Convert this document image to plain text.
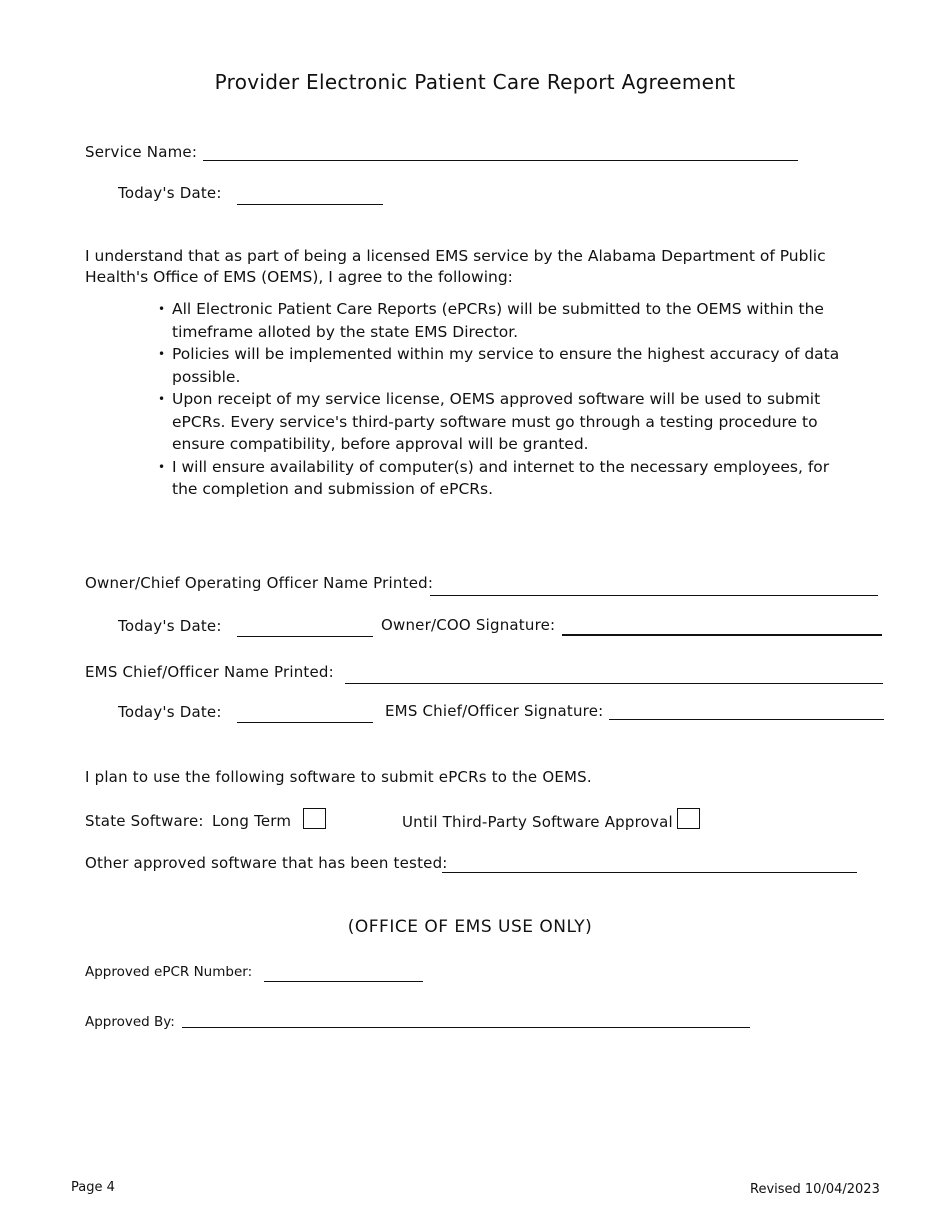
Provider Electronic Patient Care Report Agreement
Service Name:
Today's Date:
I understand that as part of being a licensed EMS service by the Alabama Department of Public Health's Office of EMS (OEMS), I agree to the following:
• All Electronic Patient Care Reports (ePCRs) will be submitted to the OEMS within the timeframe alloted by the state EMS Director.
• Policies will be implemented within my service to ensure the highest accuracy of data possible.
• Upon receipt of my service license, OEMS approved software will be used to submit ePCRs. Every service's third-party software must go through a testing procedure to ensure compatibility, before approval will be granted.
• I will ensure availability of computer(s) and internet to the necessary employees, for the completion and submission of ePCRs.
Owner/Chief Operating Officer Name Printed:
Today's Date:	Owner/COO Signature:
EMS Chief/Officer Name Printed:
Today's Date:	EMS Chief/Officer Signature:
I plan to use the following software to submit ePCRs to the OEMS.
State Software: Long Term	Until Third-Party Software Approval
Other approved software that has been tested:
(OFFICE OF EMS USE ONLY)
Approved ePCR Number:
Approved By:
Page 4	Revised 10/04/2023
